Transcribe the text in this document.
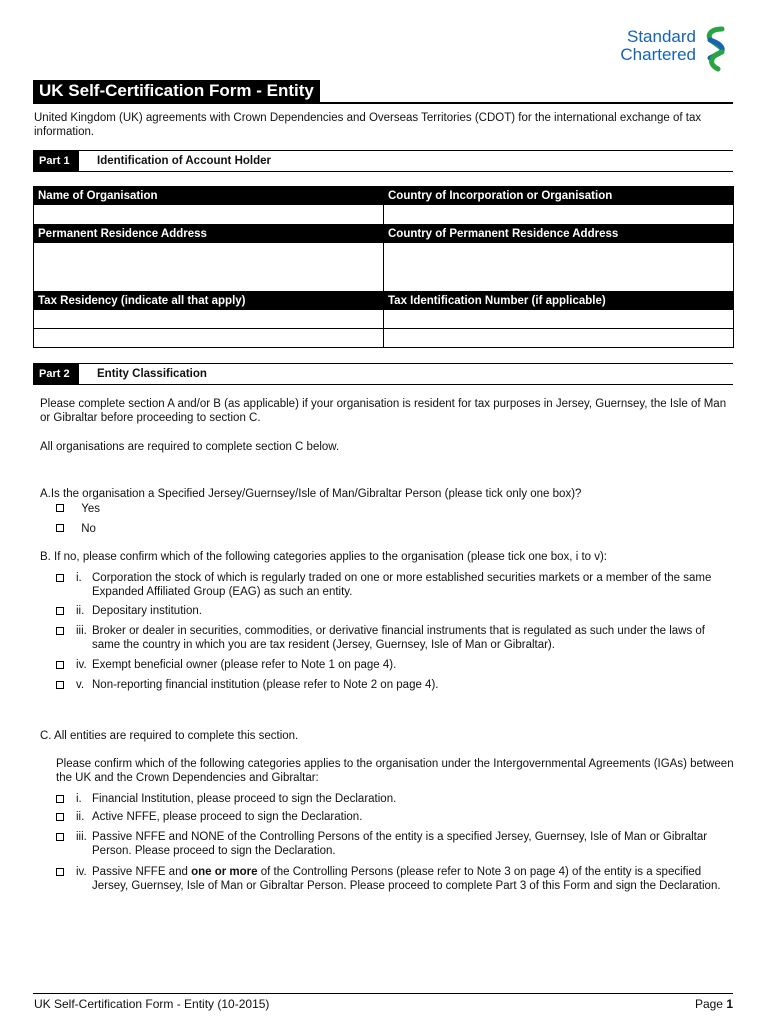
Standard
Chartered
UK Self-Certification Form - Entity
United Kingdom (UK) agreements with Crown Dependencies and Overseas Territories (CDOT) for the international exchange of tax information.
Part 1	Identification of Account Holder
Name of Organisation	Country of Incorporation or Organisation

Permanent Residence Address	Country of Permanent Residence Address

Tax Residency (indicate all that apply)	Tax Identification Number (if applicable)

Part 2	Entity Classification
Please complete section A and/or B (as applicable) if your organisation is resident for tax purposes in Jersey, Guernsey, the Isle of Man or Gibraltar before proceeding to section C.
All organisations are required to complete section C below.
A.Is the organisation a Specified Jersey/Guernsey/Isle of Man/Gibraltar Person (please tick only one box)?
Yes
No
B. If no, please confirm which of the following categories applies to the organisation (please tick one box, i to v):
i. Corporation the stock of which is regularly traded on one or more established securities markets or a member of the same Expanded Affiliated Group (EAG) as such an entity.
ii. Depositary institution.
iii. Broker or dealer in securities, commodities, or derivative financial instruments that is regulated as such under the laws of same the country in which you are tax resident (Jersey, Guernsey, Isle of Man or Gibraltar).
iv. Exempt beneficial owner (please refer to Note 1 on page 4).
v. Non-reporting financial institution (please refer to Note 2 on page 4).
C. All entities are required to complete this section.
Please confirm which of the following categories applies to the organisation under the Intergovernmental Agreements (IGAs) between the UK and the Crown Dependencies and Gibraltar:
i. Financial Institution, please proceed to sign the Declaration.
ii. Active NFFE, please proceed to sign the Declaration.
iii. Passive NFFE and NONE of the Controlling Persons of the entity is a specified Jersey, Guernsey, Isle of Man or Gibraltar Person. Please proceed to sign the Declaration.
iv. Passive NFFE and one or more of the Controlling Persons (please refer to Note 3 on page 4) of the entity is a specified Jersey, Guernsey, Isle of Man or Gibraltar Person. Please proceed to complete Part 3 of this Form and sign the Declaration.
UK Self-Certification Form - Entity (10-2015)	Page 1
